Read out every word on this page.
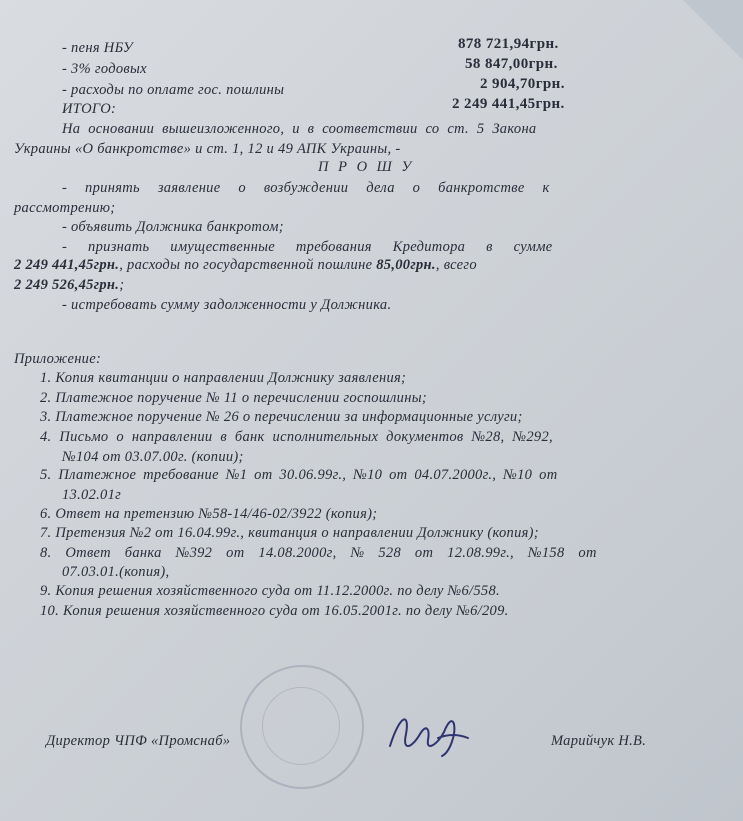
- пеня НБУ	878 721,94грн.
- 3% годовых	58 847,00грн.
- расходы по оплате гос. пошлины	2 904,70грн.
ИТОГО:	2 249 441,45грн.
На основании вышеизложенного, и в соответствии со ст. 5 Закона
Украины «О банкротстве» и ст. 1, 12 и 49 АПК Украины, -
П Р О Ш У
- принять заявление о возбуждении дела о банкротстве к
рассмотрению;
- объявить Должника банкротом;
- признать имущественные требования Кредитора в сумме
2 249 441,45грн., расходы по государственной пошлине 85,00грн., всего
2 249 526,45грн.;
- истребовать сумму задолженности у Должника.
Приложение:
1. Копия квитанции о направлении Должнику заявления;
2. Платежное поручение № 11 о перечислении госпошлины;
3. Платежное поручение № 26 о перечислении за информационные услуги;
4. Письмо о направлении в банк исполнительных документов №28, №292,
№104 от 03.07.00г. (копии);
5. Платежное требование №1 от 30.06.99г., №10 от 04.07.2000г., №10 от
13.02.01г
6. Ответ на претензию №58-14/46-02/3922 (копия);
7. Претензия №2 от 16.04.99г., квитанция о направлении Должнику (копия);
8. Ответ банка №392 от 14.08.2000г, № 528 от 12.08.99г., №158 от
07.03.01.(копия),
9. Копия решения хозяйственного суда от 11.12.2000г. по делу №6/558.
10. Копия решения хозяйственного суда от 16.05.2001г. по делу №6/209.
Директор ЧПФ «Промснаб»	Марийчук Н.В.
